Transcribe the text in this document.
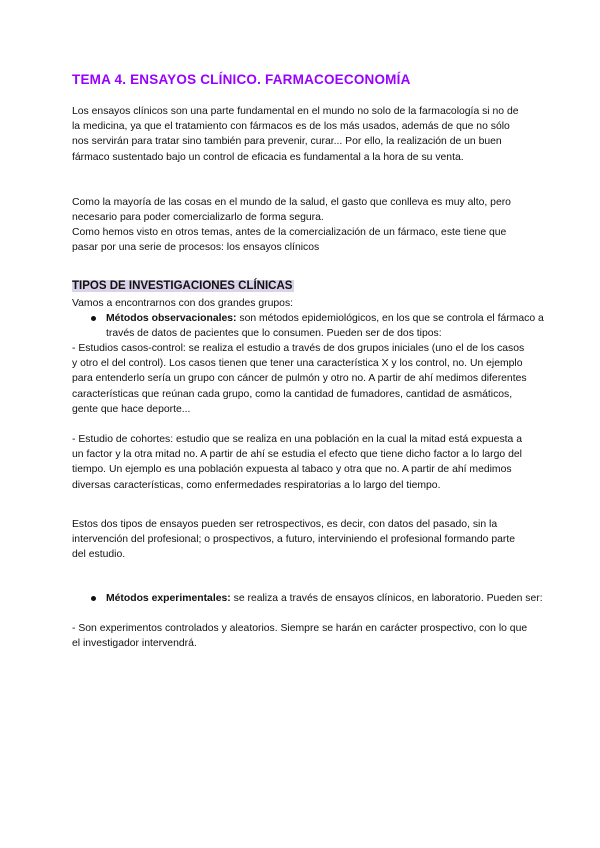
TEMA 4. ENSAYOS CLÍNICO. FARMACOECONOMÍA

Los ensayos clínicos son una parte fundamental en el mundo no solo de la farmacología si no de la medicina, ya que el tratamiento con fármacos es de los más usados, además de que no sólo nos servirán para tratar sino también para prevenir, curar... Por ello, la realización de un buen fármaco sustentado bajo un control de eficacia es fundamental a la hora de su venta.

Como la mayoría de las cosas en el mundo de la salud, el gasto que conlleva es muy alto, pero necesario para poder comercializarlo de forma segura.

Como hemos visto en otros temas, antes de la comercialización de un fármaco, este tiene que pasar por una serie de procesos: los ensayos clínicos

TIPOS DE INVESTIGACIONES CLÍNICAS

Vamos a encontrarnos con dos grandes grupos:

Métodos observacionales: son métodos epidemiológicos, en los que se controla el fármaco a través de datos de pacientes que lo consumen. Pueden ser de dos tipos:

- Estudios casos-control: se realiza el estudio a través de dos grupos iniciales (uno el de los casos y otro el del control). Los casos tienen que tener una característica X y los control, no. Un ejemplo para entenderlo sería un grupo con cáncer de pulmón y otro no. A partir de ahí medimos diferentes características que reúnan cada grupo, como la cantidad de fumadores, cantidad de asmáticos, gente que hace deporte...

- Estudio de cohortes: estudio que se realiza en una población en la cual la mitad está expuesta a un factor y la otra mitad no. A partir de ahí se estudia el efecto que tiene dicho factor a lo largo del tiempo. Un ejemplo es una población expuesta al tabaco y otra que no. A partir de ahí medimos diversas características, como enfermedades respiratorias a lo largo del tiempo.

Estos dos tipos de ensayos pueden ser retrospectivos, es decir, con datos del pasado, sin la intervención del profesional; o prospectivos, a futuro, interviniendo el profesional formando parte del estudio.

Métodos experimentales: se realiza a través de ensayos clínicos, en laboratorio. Pueden ser:

- Son experimentos controlados y aleatorios. Siempre se harán en carácter prospectivo, con lo que el investigador intervendrá.
